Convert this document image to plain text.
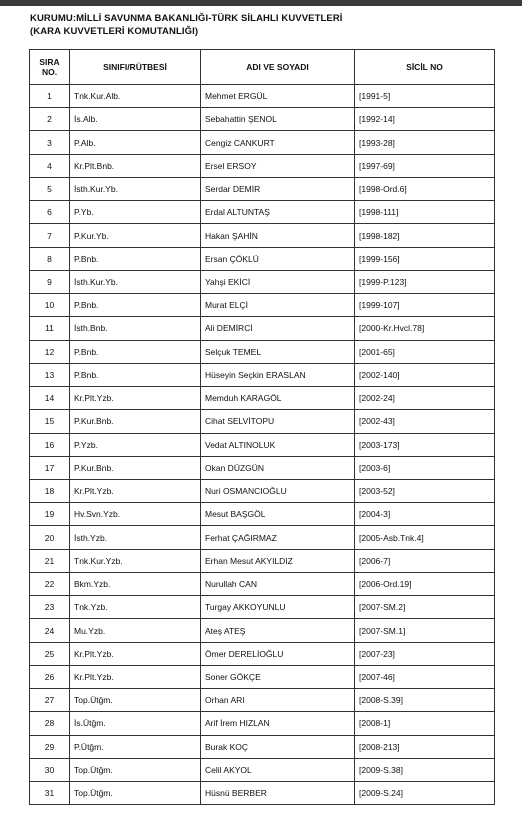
KURUMU:MİLLİ SAVUNMA BAKANLIĞI-TÜRK SİLAHLI KUVVETLERİ
(KARA KUVVETLERİ KOMUTANLIĞI)
SIRA
NO.	SINIFI/RÜTBESİ	ADI VE SOYADI	SİCİL NO
1	Tnk.Kur.Alb.	Mehmet ERGÜL	[1991-5]
2	İs.Alb.	Sebahattin ŞENOL	[1992-14]
3	P.Alb.	Cengiz CANKURT	[1993-28]
4	Kr.Plt.Bnb.	Ersel ERSOY	[1997-69]
5	İsth.Kur.Yb.	Serdar DEMİR	[1998-Ord.6]
6	P.Yb.	Erdal ALTUNTAŞ	[1998-111]
7	P.Kur.Yb.	Hakan ŞAHİN	[1998-182]
8	P.Bnb.	Ersan ÇÖKLÜ	[1999-156]
9	İsth.Kur.Yb.	Yahşi EKİCİ	[1999-P.123]
10	P.Bnb.	Murat ELÇİ	[1999-107]
11	İsth.Bnb.	Ali DEMİRCİ	[2000-Kr.Hvcl.78]
12	P.Bnb.	Selçuk TEMEL	[2001-65]
13	P.Bnb.	Hüseyin Seçkin ERASLAN	[2002-140]
14	Kr.Plt.Yzb.	Memduh KARAGÖL	[2002-24]
15	P.Kur.Bnb.	Cihat SELVİTOPU	[2002-43]
16	P.Yzb.	Vedat ALTINOLUK	[2003-173]
17	P.Kur.Bnb.	Okan DÜZGÜN	[2003-6]
18	Kr.Plt.Yzb.	Nuri OSMANCIOĞLU	[2003-52]
19	Hv.Svn.Yzb.	Mesut BAŞGÖL	[2004-3]
20	İsth.Yzb.	Ferhat ÇAĞIRMAZ	[2005-Asb.Tnk.4]
21	Tnk.Kur.Yzb.	Erhan Mesut AKYILDIZ	[2006-7]
22	Bkm.Yzb.	Nurullah CAN	[2006-Ord.19]
23	Tnk.Yzb.	Turgay AKKOYUNLU	[2007-SM.2]
24	Mu.Yzb.	Ateş ATEŞ	[2007-SM.1]
25	Kr.Plt.Yzb.	Ömer DERELİOĞLU	[2007-23]
26	Kr.Plt.Yzb.	Soner GÖKÇE	[2007-46]
27	Top.Ütğm.	Orhan ARI	[2008-S.39]
28	İs.Ütğm.	Arif İrem HIZLAN	[2008-1]
29	P.Ütğm.	Burak KOÇ	[2008-213]
30	Top.Ütğm.	Celil AKYOL	[2009-S.38]
31	Top.Ütğm.	Hüsnü BERBER	[2009-S.24]
